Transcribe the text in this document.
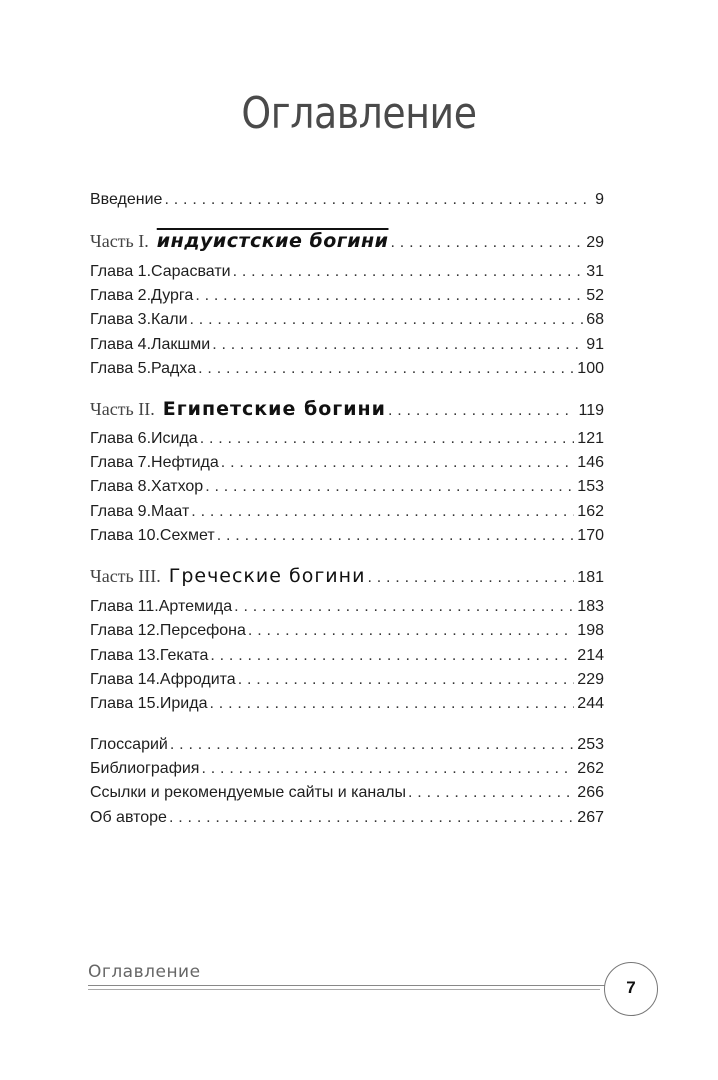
Оглавление
Введение . . .	9
Часть I. индуистские богини . . .	29
Глава 1. Сарасвати . . .	31
Глава 2. Дурга . . .	52
Глава 3. Кали . . .	68
Глава 4. Лакшми . . .	91
Глава 5. Радха . . .	100
Часть II. Египетские богини . . .	119
Глава 6. Исида . . .	121
Глава 7. Нефтида . . .	146
Глава 8. Хатхор . . .	153
Глава 9. Маат . . .	162
Глава 10. Сехмет . . .	170
Часть III. Греческие богини . . .	181
Глава 11. Артемида . . .	183
Глава 12. Персефона . . .	198
Глава 13. Геката . . .	214
Глава 14. Афродита . . .	229
Глава 15. Ирида . . .	244
Глоссарий . . .	253
Библиография . . .	262
Ссылки и рекомендуемые сайты и каналы . . .	266
Об авторе . . .	267
Оглавление
7
